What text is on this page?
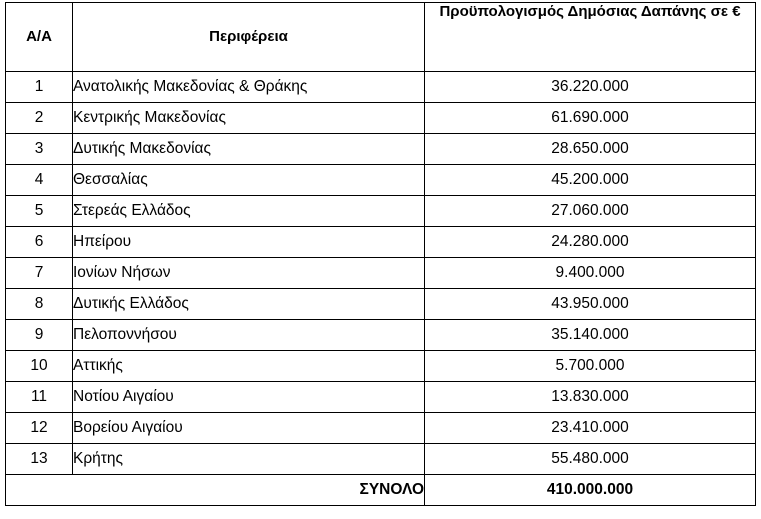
Α/Α	Περιφέρεια	Προϋπολογισμός Δημόσιας Δαπάνης σε €
1	Ανατολικής Μακεδονίας & Θράκης	36.220.000
2	Κεντρικής Μακεδονίας	61.690.000
3	Δυτικής Μακεδονίας	28.650.000
4	Θεσσαλίας	45.200.000
5	Στερεάς Ελλάδος	27.060.000
6	Ηπείρου	24.280.000
7	Ιονίων Νήσων	9.400.000
8	Δυτικής Ελλάδος	43.950.000
9	Πελοποννήσου	35.140.000
10	Αττικής	5.700.000
11	Νοτίου Αιγαίου	13.830.000
12	Βορείου Αιγαίου	23.410.000
13	Κρήτης	55.480.000
ΣΥΝΟΛΟ		410.000.000
